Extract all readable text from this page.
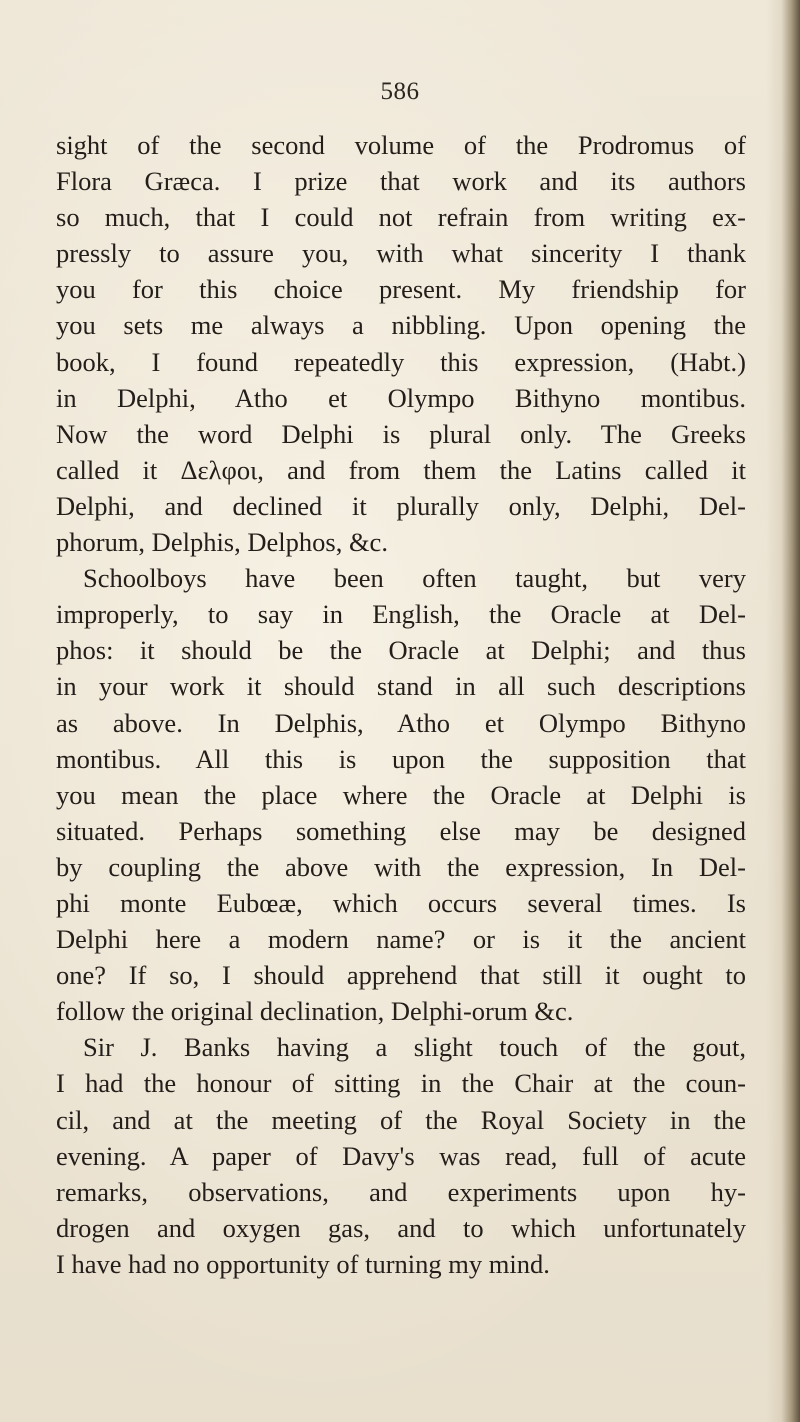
586
sight of the second volume of the Prodromus of
Flora Græca. I prize that work and its authors
so much, that I could not refrain from writing ex-
pressly to assure you, with what sincerity I thank
you for this choice present. My friendship for
you sets me always a nibbling. Upon opening the
book, I found repeatedly this expression, (Habt.)
in Delphi, Atho et Olympo Bithyno montibus.
Now the word Delphi is plural only. The Greeks
called it Δελφοι, and from them the Latins called it
Delphi, and declined it plurally only, Delphi, Del-
phorum, Delphis, Delphos, &c.
Schoolboys have been often taught, but very
improperly, to say in English, the Oracle at Del-
phos: it should be the Oracle at Delphi; and thus
in your work it should stand in all such descriptions
as above. In Delphis, Atho et Olympo Bithyno
montibus. All this is upon the supposition that
you mean the place where the Oracle at Delphi is
situated. Perhaps something else may be designed
by coupling the above with the expression, In Del-
phi monte Eubœæ, which occurs several times. Is
Delphi here a modern name? or is it the ancient
one? If so, I should apprehend that still it ought to
follow the original declination, Delphi-orum &c.
Sir J. Banks having a slight touch of the gout,
I had the honour of sitting in the Chair at the coun-
cil, and at the meeting of the Royal Society in the
evening. A paper of Davy's was read, full of acute
remarks, observations, and experiments upon hy-
drogen and oxygen gas, and to which unfortunately
I have had no opportunity of turning my mind.
